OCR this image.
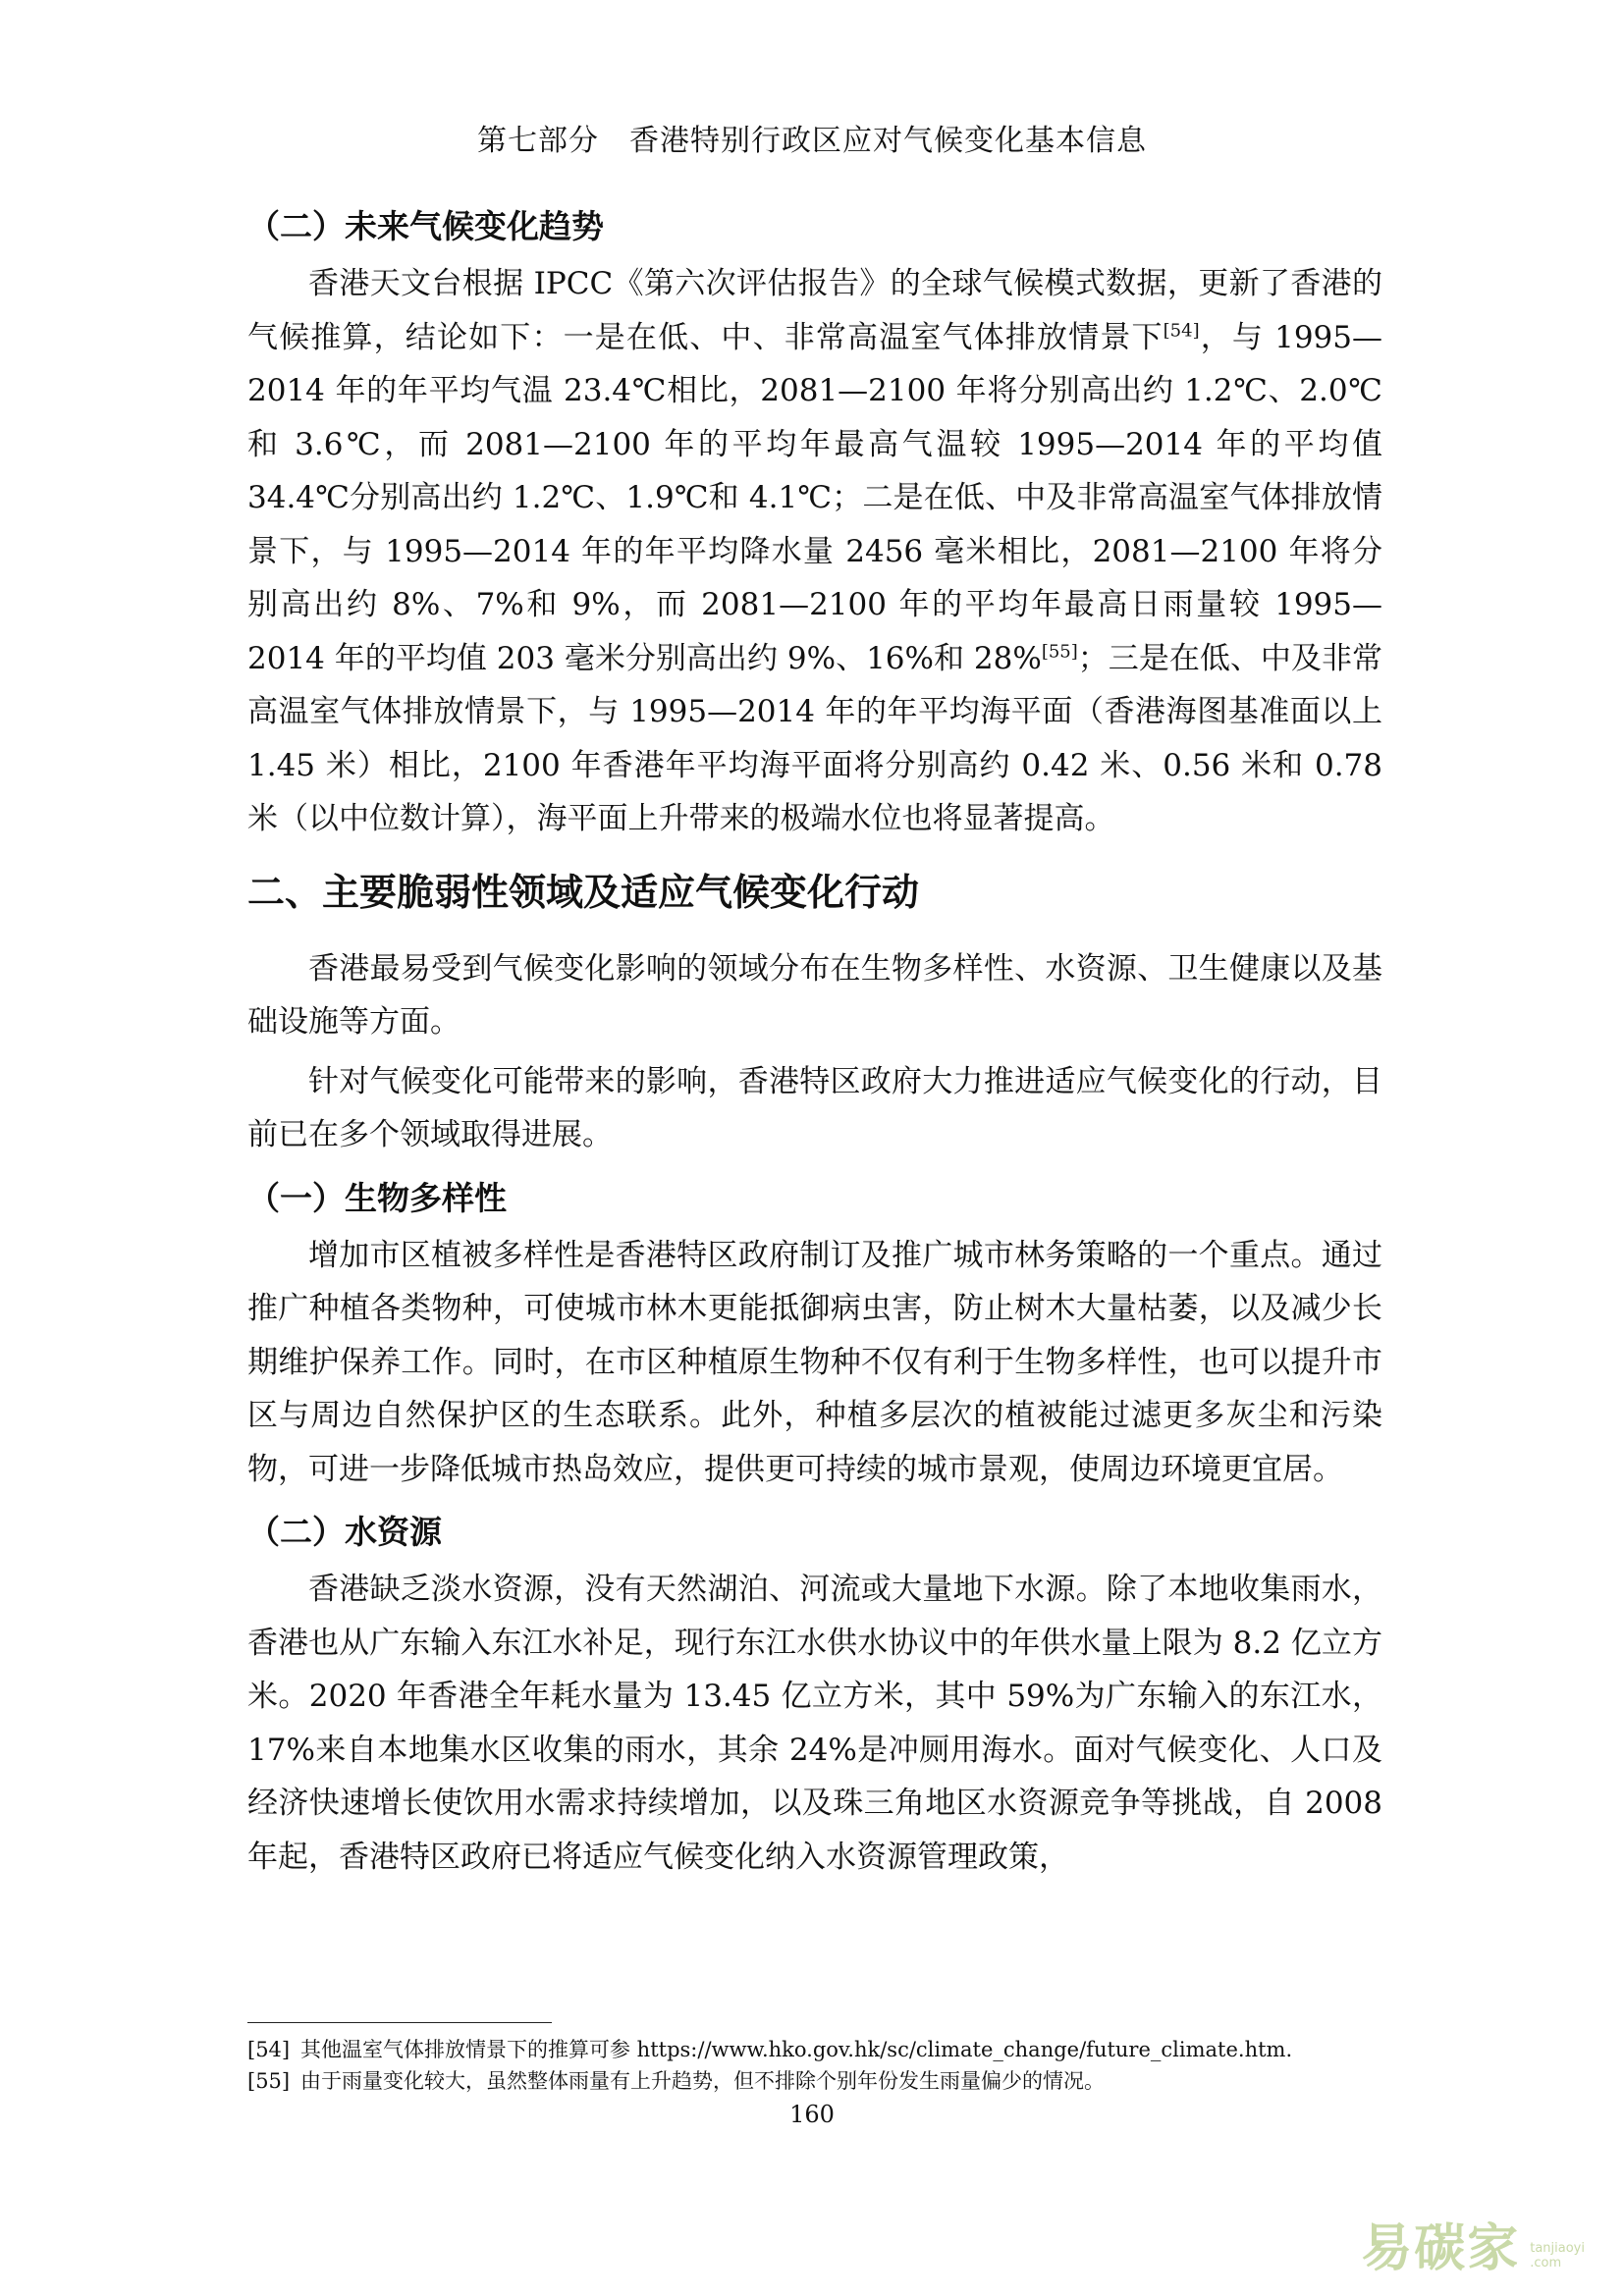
第七部分　香港特别行政区应对气候变化基本信息
（二）未来气候变化趋势

香港天文台根据 IPCC《第六次评估报告》的全球气候模式数据，更新了香港的气候推算，结论如下：一是在低、中、非常高温室气体排放情景下[54]，与 1995—2014 年的年平均气温 23.4℃相比，2081—2100 年将分别高出约 1.2℃、2.0℃和 3.6℃，而 2081—2100 年的平均年最高气温较 1995—2014 年的平均值 34.4℃分别高出约 1.2℃、1.9℃和 4.1℃；二是在低、中及非常高温室气体排放情景下，与 1995—2014 年的年平均降水量 2456 毫米相比，2081—2100 年将分别高出约 8%、7%和 9%，而 2081—2100 年的平均年最高日雨量较 1995—2014 年的平均值 203 毫米分别高出约 9%、16%和 28%[55]；三是在低、中及非常高温室气体排放情景下，与 1995—2014 年的年平均海平面（香港海图基准面以上 1.45 米）相比，2100 年香港年平均海平面将分别高约 0.42 米、0.56 米和 0.78 米（以中位数计算），海平面上升带来的极端水位也将显著提高。

二、主要脆弱性领域及适应气候变化行动

香港最易受到气候变化影响的领域分布在生物多样性、水资源、卫生健康以及基础设施等方面。

针对气候变化可能带来的影响，香港特区政府大力推进适应气候变化的行动，目前已在多个领域取得进展。

（一）生物多样性

增加市区植被多样性是香港特区政府制订及推广城市林务策略的一个重点。通过推广种植各类物种，可使城市林木更能抵御病虫害，防止树木大量枯萎，以及减少长期维护保养工作。同时，在市区种植原生物种不仅有利于生物多样性，也可以提升市区与周边自然保护区的生态联系。此外，种植多层次的植被能过滤更多灰尘和污染物，可进一步降低城市热岛效应，提供更可持续的城市景观，使周边环境更宜居。

（二）水资源

香港缺乏淡水资源，没有天然湖泊、河流或大量地下水源。除了本地收集雨水，香港也从广东输入东江水补足，现行东江水供水协议中的年供水量上限为 8.2 亿立方米。2020 年香港全年耗水量为 13.45 亿立方米，其中 59%为广东输入的东江水，17%来自本地集水区收集的雨水，其余 24%是冲厕用海水。面对气候变化、人口及经济快速增长使饮用水需求持续增加，以及珠三角地区水资源竞争等挑战，自 2008 年起，香港特区政府已将适应气候变化纳入水资源管理政策，

[54] 其他温室气体排放情景下的推算可参 https://www.hko.gov.hk/sc/climate_change/future_climate.htm.

[55] 由于雨量变化较大，虽然整体雨量有上升趋势，但不排除个别年份发生雨量偏少的情况。

160
易碳家 tanjiaoyi
.com
